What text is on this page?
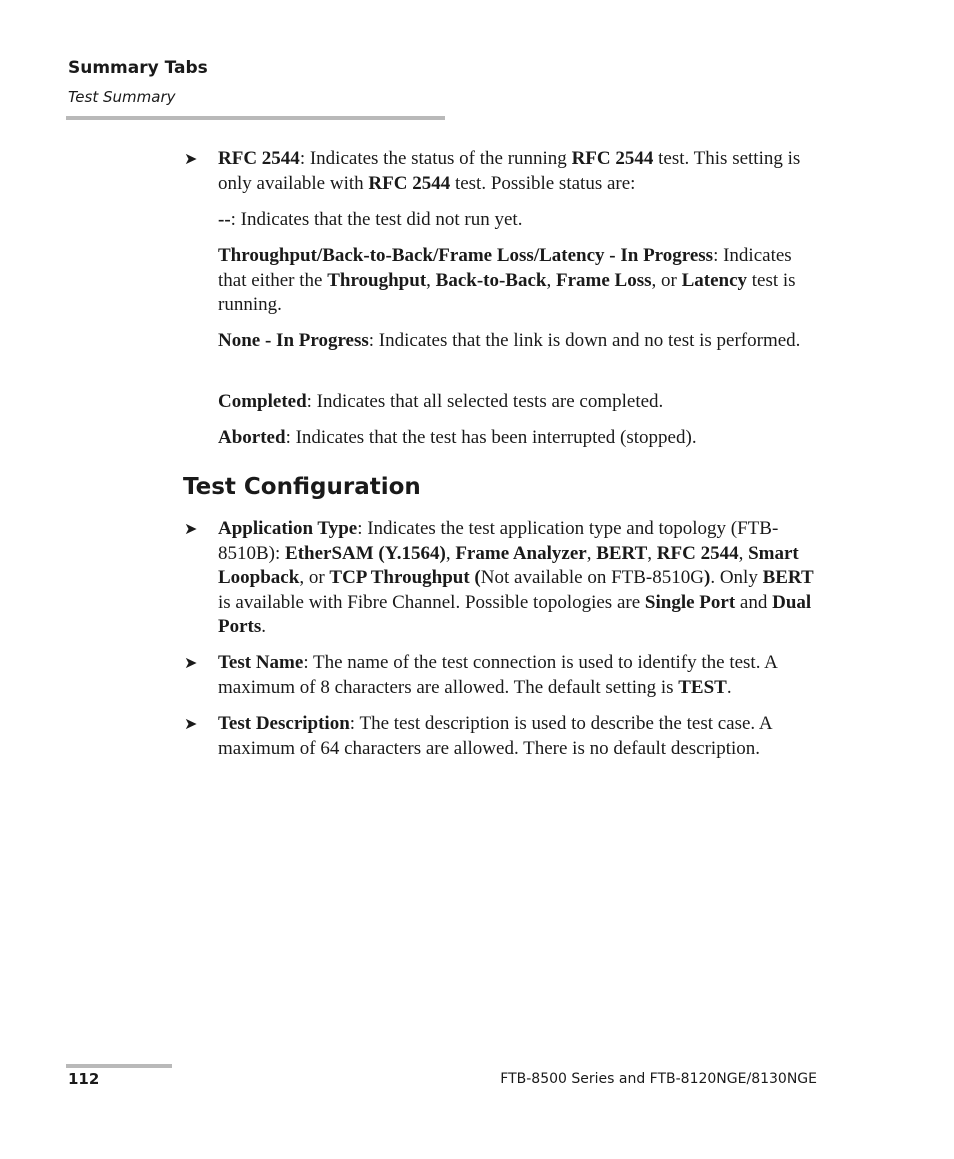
Summary Tabs
Test Summary
➤	RFC 2544: Indicates the status of the running RFC 2544 test. This setting is only available with RFC 2544 test. Possible status are:
--: Indicates that the test did not run yet.
Throughput/Back-to-Back/Frame Loss/Latency - In Progress: Indicates that either the Throughput, Back-to-Back, Frame Loss, or Latency test is running.
None - In Progress: Indicates that the link is down and no test is performed.
Completed: Indicates that all selected tests are completed.
Aborted: Indicates that the test has been interrupted (stopped).
Test Configuration
➤	Application Type: Indicates the test application type and topology (FTB-8510B): EtherSAM (Y.1564), Frame Analyzer, BERT, RFC 2544, Smart Loopback, or TCP Throughput (Not available on FTB-8510G). Only BERT is available with Fibre Channel. Possible topologies are Single Port and Dual Ports.
➤	Test Name: The name of the test connection is used to identify the test. A maximum of 8 characters are allowed. The default setting is TEST.
➤	Test Description: The test description is used to describe the test case. A maximum of 64 characters are allowed. There is no default description.
112	FTB-8500 Series and FTB-8120NGE/8130NGE
